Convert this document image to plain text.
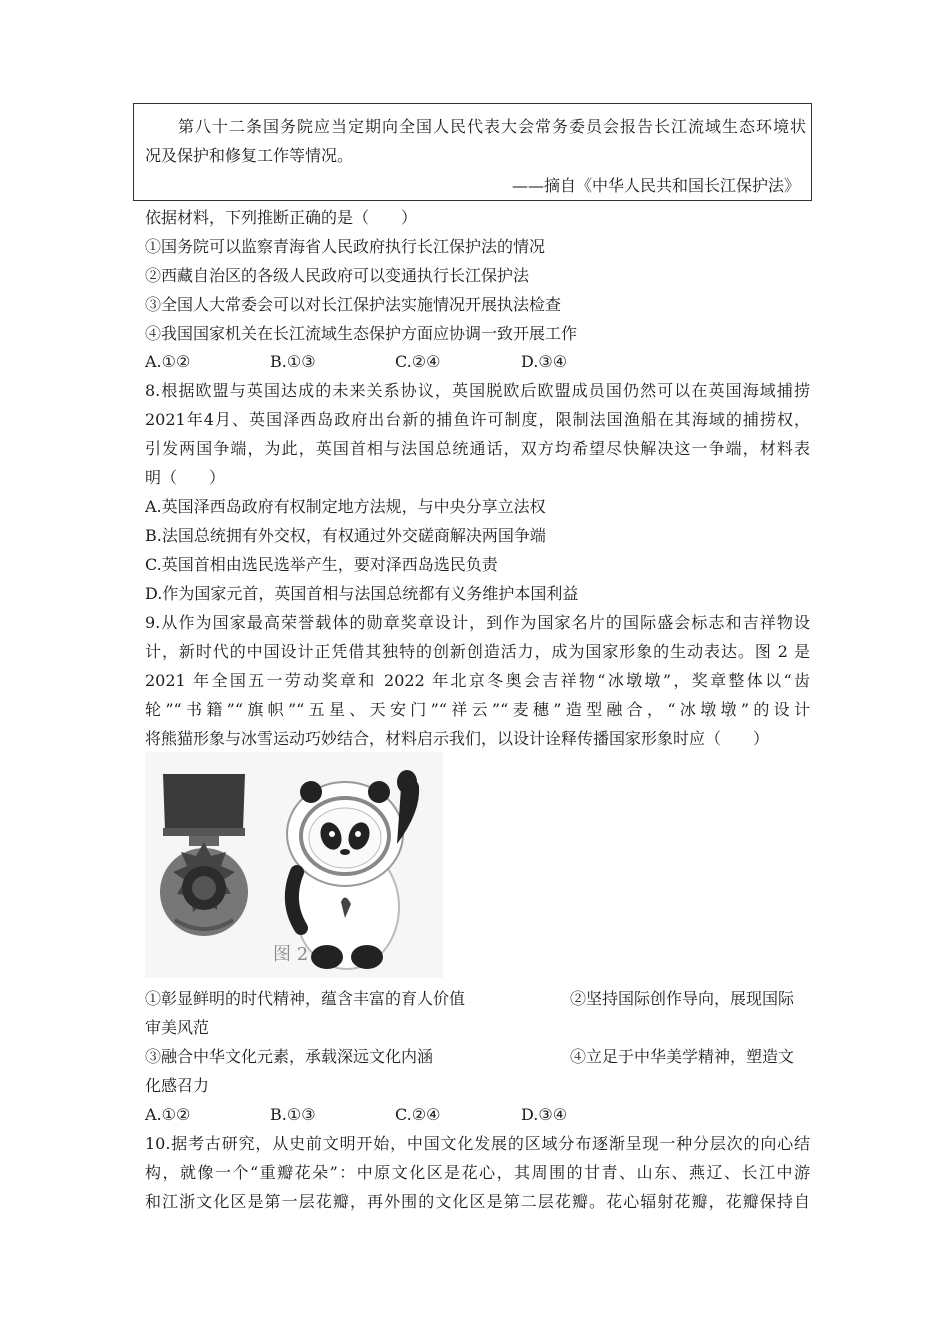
第八十二条国务院应当定期向全国人民代表大会常务委员会报告长江流域生态环境状
况及保护和修复工作等情况。
——摘自《中华人民共和国长江保护法》
依据材料，下列推断正确的是（　　）
①国务院可以监察青海省人民政府执行长江保护法的情况
②西藏自治区的各级人民政府可以变通执行长江保护法
③全国人大常委会可以对长江保护法实施情况开展执法检查
④我国国家机关在长江流域生态保护方面应协调一致开展工作
A.①②	B.①③	C.②④	D.③④
8.根据欧盟与英国达成的未来关系协议，英国脱欧后欧盟成员国仍然可以在英国海域捕捞
2021年4月、英国泽西岛政府出台新的捕鱼许可制度，限制法国渔船在其海域的捕捞权，
引发两国争端，为此，英国首相与法国总统通话，双方均希望尽快解决这一争端，材料表
明（　　）
A.英国泽西岛政府有权制定地方法规，与中央分享立法权
B.法国总统拥有外交权，有权通过外交磋商解决两国争端
C.英国首相由选民选举产生，要对泽西岛选民负责
D.作为国家元首，英国首相与法国总统都有义务维护本国利益
9.从作为国家最高荣誉载体的勋章奖章设计，到作为国家名片的国际盛会标志和吉祥物设
计，新时代的中国设计正凭借其独特的创新创造活力，成为国家形象的生动表达。图 2 是
2021 年全国五一劳动奖章和 2022 年北京冬奥会吉祥物“冰墩墩”，奖章整体以“齿
轮”“书籍”“旗帜”“五星、天安门”“祥云”“麦穗”造型融合，“冰墩墩”的设计
将熊猫形象与冰雪运动巧妙结合，材料启示我们，以设计诠释传播国家形象时应（　　）
图 2
①彰显鲜明的时代精神，蕴含丰富的育人价值	②坚持国际创作导向，展现国际
审美风范
③融合中华文化元素，承载深远文化内涵	④立足于中华美学精神，塑造文
化感召力
A.①②	B.①③	C.②④	D.③④
10.据考古研究，从史前文明开始，中国文化发展的区域分布逐渐呈现一种分层次的向心结
构，就像一个“重瓣花朵”：中原文化区是花心，其周围的甘青、山东、燕辽、长江中游
和江浙文化区是第一层花瓣，再外围的文化区是第二层花瓣。花心辐射花瓣，花瓣保持自
